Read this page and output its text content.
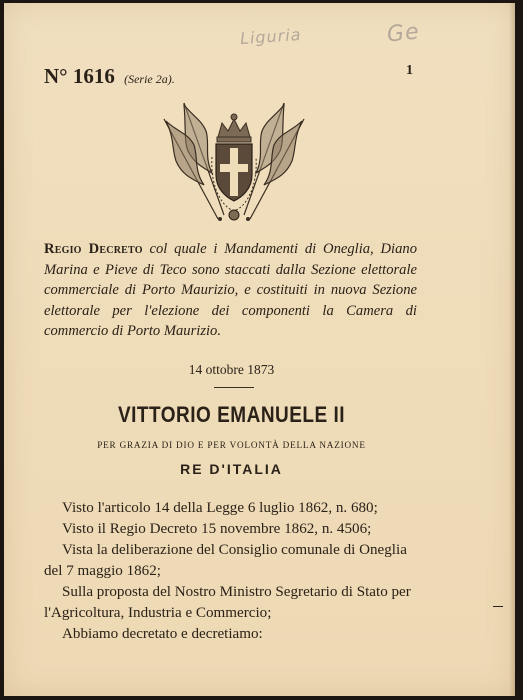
Liguria	Ge
N° 1616 (Serie 2a).
1
Regio Decreto col quale i Mandamenti di Oneglia, Diano Marina e Pieve di Teco sono staccati dalla Sezione elettorale commerciale di Porto Maurizio, e costituiti in nuova Sezione elettorale per l'elezione dei componenti la Camera di commercio di Porto Maurizio.
14 ottobre 1873
VITTORIO EMANUELE II
PER GRAZIA DI DIO E PER VOLONTÀ DELLA NAZIONE
RE D'ITALIA

Visto l'articolo 14 della Legge 6 luglio 1862, n. 680;

Visto il Regio Decreto 15 novembre 1862, n. 4506;

Vista la deliberazione del Consiglio comunale di Oneglia del 7 maggio 1862;

Sulla proposta del Nostro Ministro Segretario di Stato per l'Agricoltura, Industria e Commercio;

Abbiamo decretato e decretiamo:
